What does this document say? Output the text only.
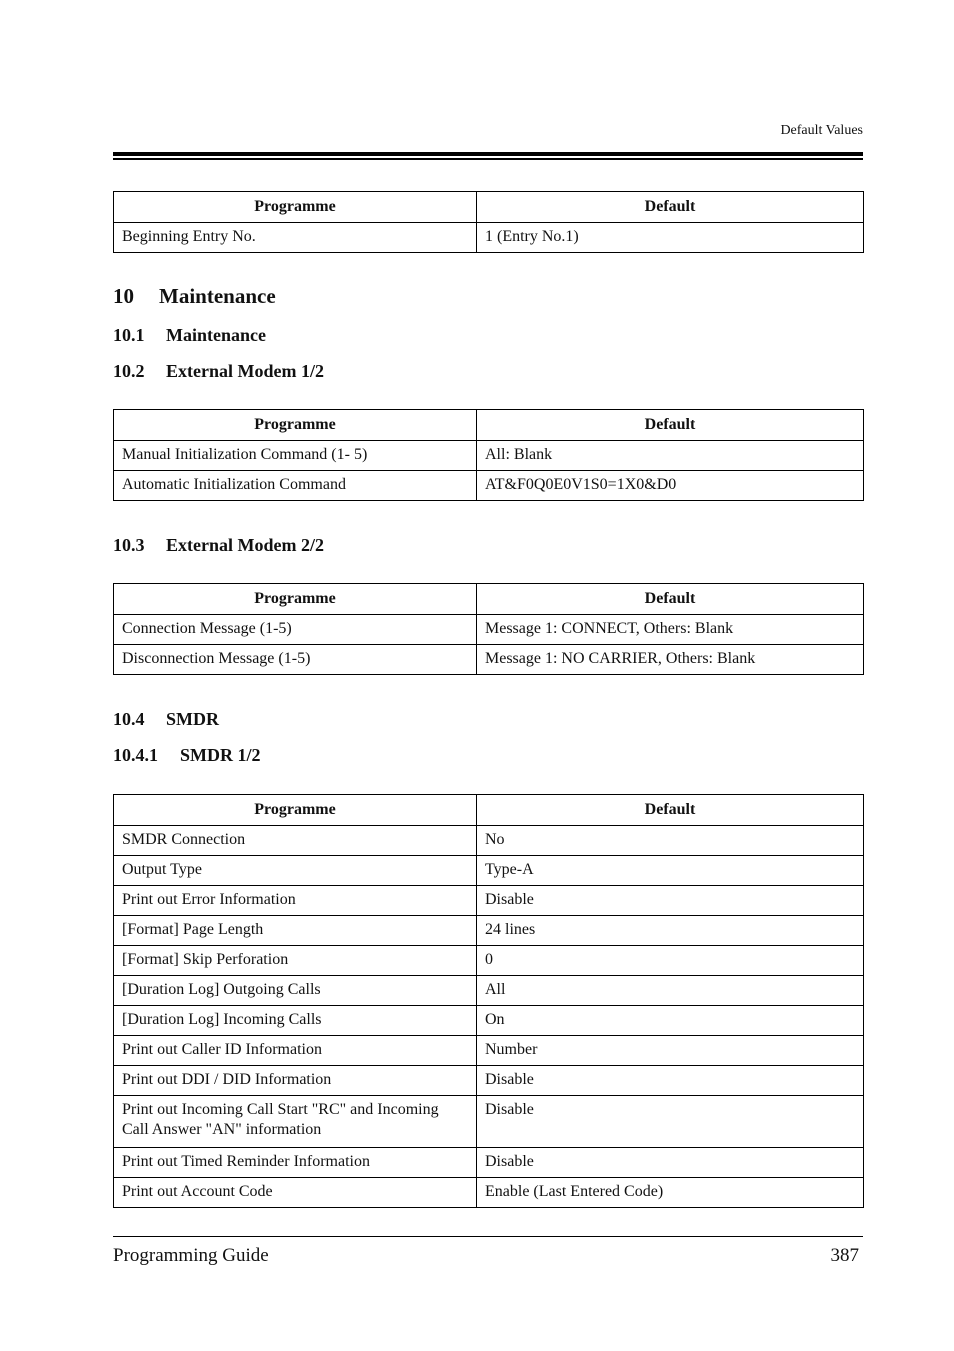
Default Values
Programme	Default
Beginning Entry No.	1 (Entry No.1)
10 Maintenance
10.1 Maintenance
10.2 External Modem 1/2
Programme	Default
Manual Initialization Command (1- 5)	All: Blank
Automatic Initialization Command	AT&F0Q0E0V1S0=1X0&D0
10.3 External Modem 2/2
Programme	Default
Connection Message (1-5)	Message 1: CONNECT, Others: Blank
Disconnection Message (1-5)	Message 1: NO CARRIER, Others: Blank
10.4 SMDR
10.4.1 SMDR 1/2
Programme	Default
SMDR Connection	No
Output Type	Type-A
Print out Error Information	Disable
[Format] Page Length	24 lines
[Format] Skip Perforation	0
[Duration Log] Outgoing Calls	All
[Duration Log] Incoming Calls	On
Print out Caller ID Information	Number
Print out DDI / DID Information	Disable
Print out Incoming Call Start "RC" and Incoming Call Answer "AN" information	Disable
Print out Timed Reminder Information	Disable
Print out Account Code	Enable (Last Entered Code)
Programming Guide	387
